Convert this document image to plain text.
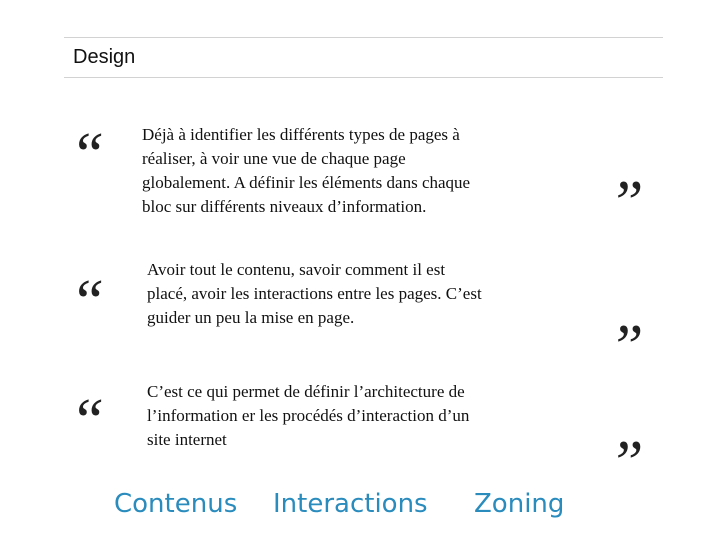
Design
“ Déjà à identifier les différents types de pages à
réaliser, à voir une vue de chaque page
globalement. A définir les éléments dans chaque
bloc sur différents niveaux d’information.	”
“	Avoir tout le contenu, savoir comment il est
placé, avoir les interactions entre les pages. C’est
guider un peu la mise en page.	”
“	C’est ce qui permet de définir l’architecture de
l’information er les procédés d’interaction d’un
site internet	”
Contenus Interactions Zoning
